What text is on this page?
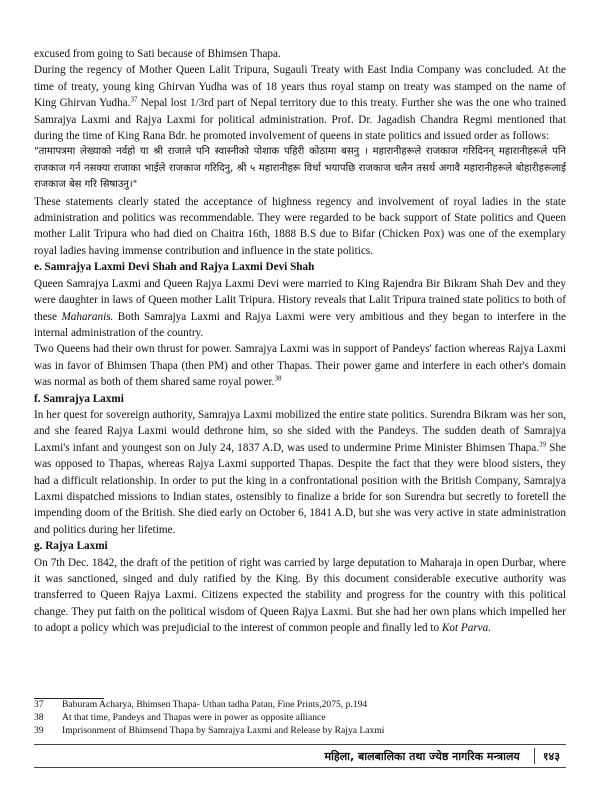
excused from going to Sati because of Bhimsen Thapa.

During the regency of Mother Queen Lalit Tripura, Sugauli Treaty with East India Company was concluded. At the time of treaty, young king Ghirvan Yudha was of 18 years thus royal stamp on treaty was stamped on the name of King Ghirvan Yudha.$^{37}$ Nepal lost 1/3rd part of Nepal territory due to this treaty. Further she was the one who trained Samrajya Laxmi and Rajya Laxmi for political administration. Prof. Dr. Jagadish Chandra Regmi mentioned that during the time of King Rana Bdr. he promoted involvement of queens in state politics and issued order as follows:

"तामापत्रमा लेख्याको नर्वहो या श्री राजाले पनि स्वास्नीको पोशाक पहिरी कोठामा बसनु । महारानीहरूले राजकाज गरिदिनन् महारानीहरूले पनि राजकाज गर्न नसक्या राजाका भाईले राजकाज गरिदिनु, श्री ५ महारानीहरू विर्धा भयापछि राजकाज चलैन तसर्थ अगावै महारानीहरूले बोहारीहरूलाई राजकाज बेस गरि सिषाउनु।"

These statements clearly stated the acceptance of highness regency and involvement of royal ladies in the state administration and politics was recommendable. They were regarded to be back support of State politics and Queen mother Lalit Tripura who had died on Chaitra 16th, 1888 B.S due to Bifar (Chicken Pox) was one of the exemplary royal ladies having immense contribution and influence in the state politics.

e. Samrajya Laxmi Devi Shah and Rajya Laxmi Devi Shah

Queen Samrajya Laxmi and Queen Rajya Laxmi Devi were married to King Rajendra Bir Bikram Shah Dev and they were daughter in laws of Queen mother Lalit Tripura. History reveals that Lalit Tripura trained state politics to both of these Maharanis. Both Samrajya Laxmi and Rajya Laxmi were very ambitious and they began to interfere in the internal administration of the country.

Two Queens had their own thrust for power. Samrajya Laxmi was in support of Pandeys' faction whereas Rajya Laxmi was in favor of Bhimsen Thapa (then PM) and other Thapas. Their power game and interfere in each other's domain was normal as both of them shared same royal power.$^{38}$

f. Samrajya Laxmi

In her quest for sovereign authority, Samrajya Laxmi mobilized the entire state politics. Surendra Bikram was her son, and she feared Rajya Laxmi would dethrone him, so she sided with the Pandeys. The sudden death of Samrajya Laxmi's infant and youngest son on July 24, 1837 A.D, was used to undermine Prime Minister Bhimsen Thapa.$^{39}$ She was opposed to Thapas, whereas Rajya Laxmi supported Thapas. Despite the fact that they were blood sisters, they had a difficult relationship. In order to put the king in a confrontational position with the British Company, Samrajya Laxmi dispatched missions to Indian states, ostensibly to finalize a bride for son Surendra but secretly to foretell the impending doom of the British. She died early on October 6, 1841 A.D, but she was very active in state administration and politics during her lifetime.

g. Rajya Laxmi

On 7th Dec. 1842, the draft of the petition of right was carried by large deputation to Maharaja in open Durbar, where it was sanctioned, singed and duly ratified by the King. By this document considerable executive authority was transferred to Queen Rajya Laxmi. Citizens expected the stability and progress for the country with this political change. They put faith on the political wisdom of Queen Rajya Laxmi. But she had her own plans which impelled her to adopt a policy which was prejudicial to the interest of common people and finally led to Kot Parva.

37	Baburam Acharya, Bhimsen Thapa- Uthan tadha Patan, Fine Prints,2075, p.194
38	At that time, Pandeys and Thapas were in power as opposite alliance
39	Imprisonment of Bhimsend Thapa by Samrajya Laxmi and Release by Rajya Laxmi
महिला, बालबालिका तथा ज्येष्ठ नागरिक मन्त्रालय	१४३
